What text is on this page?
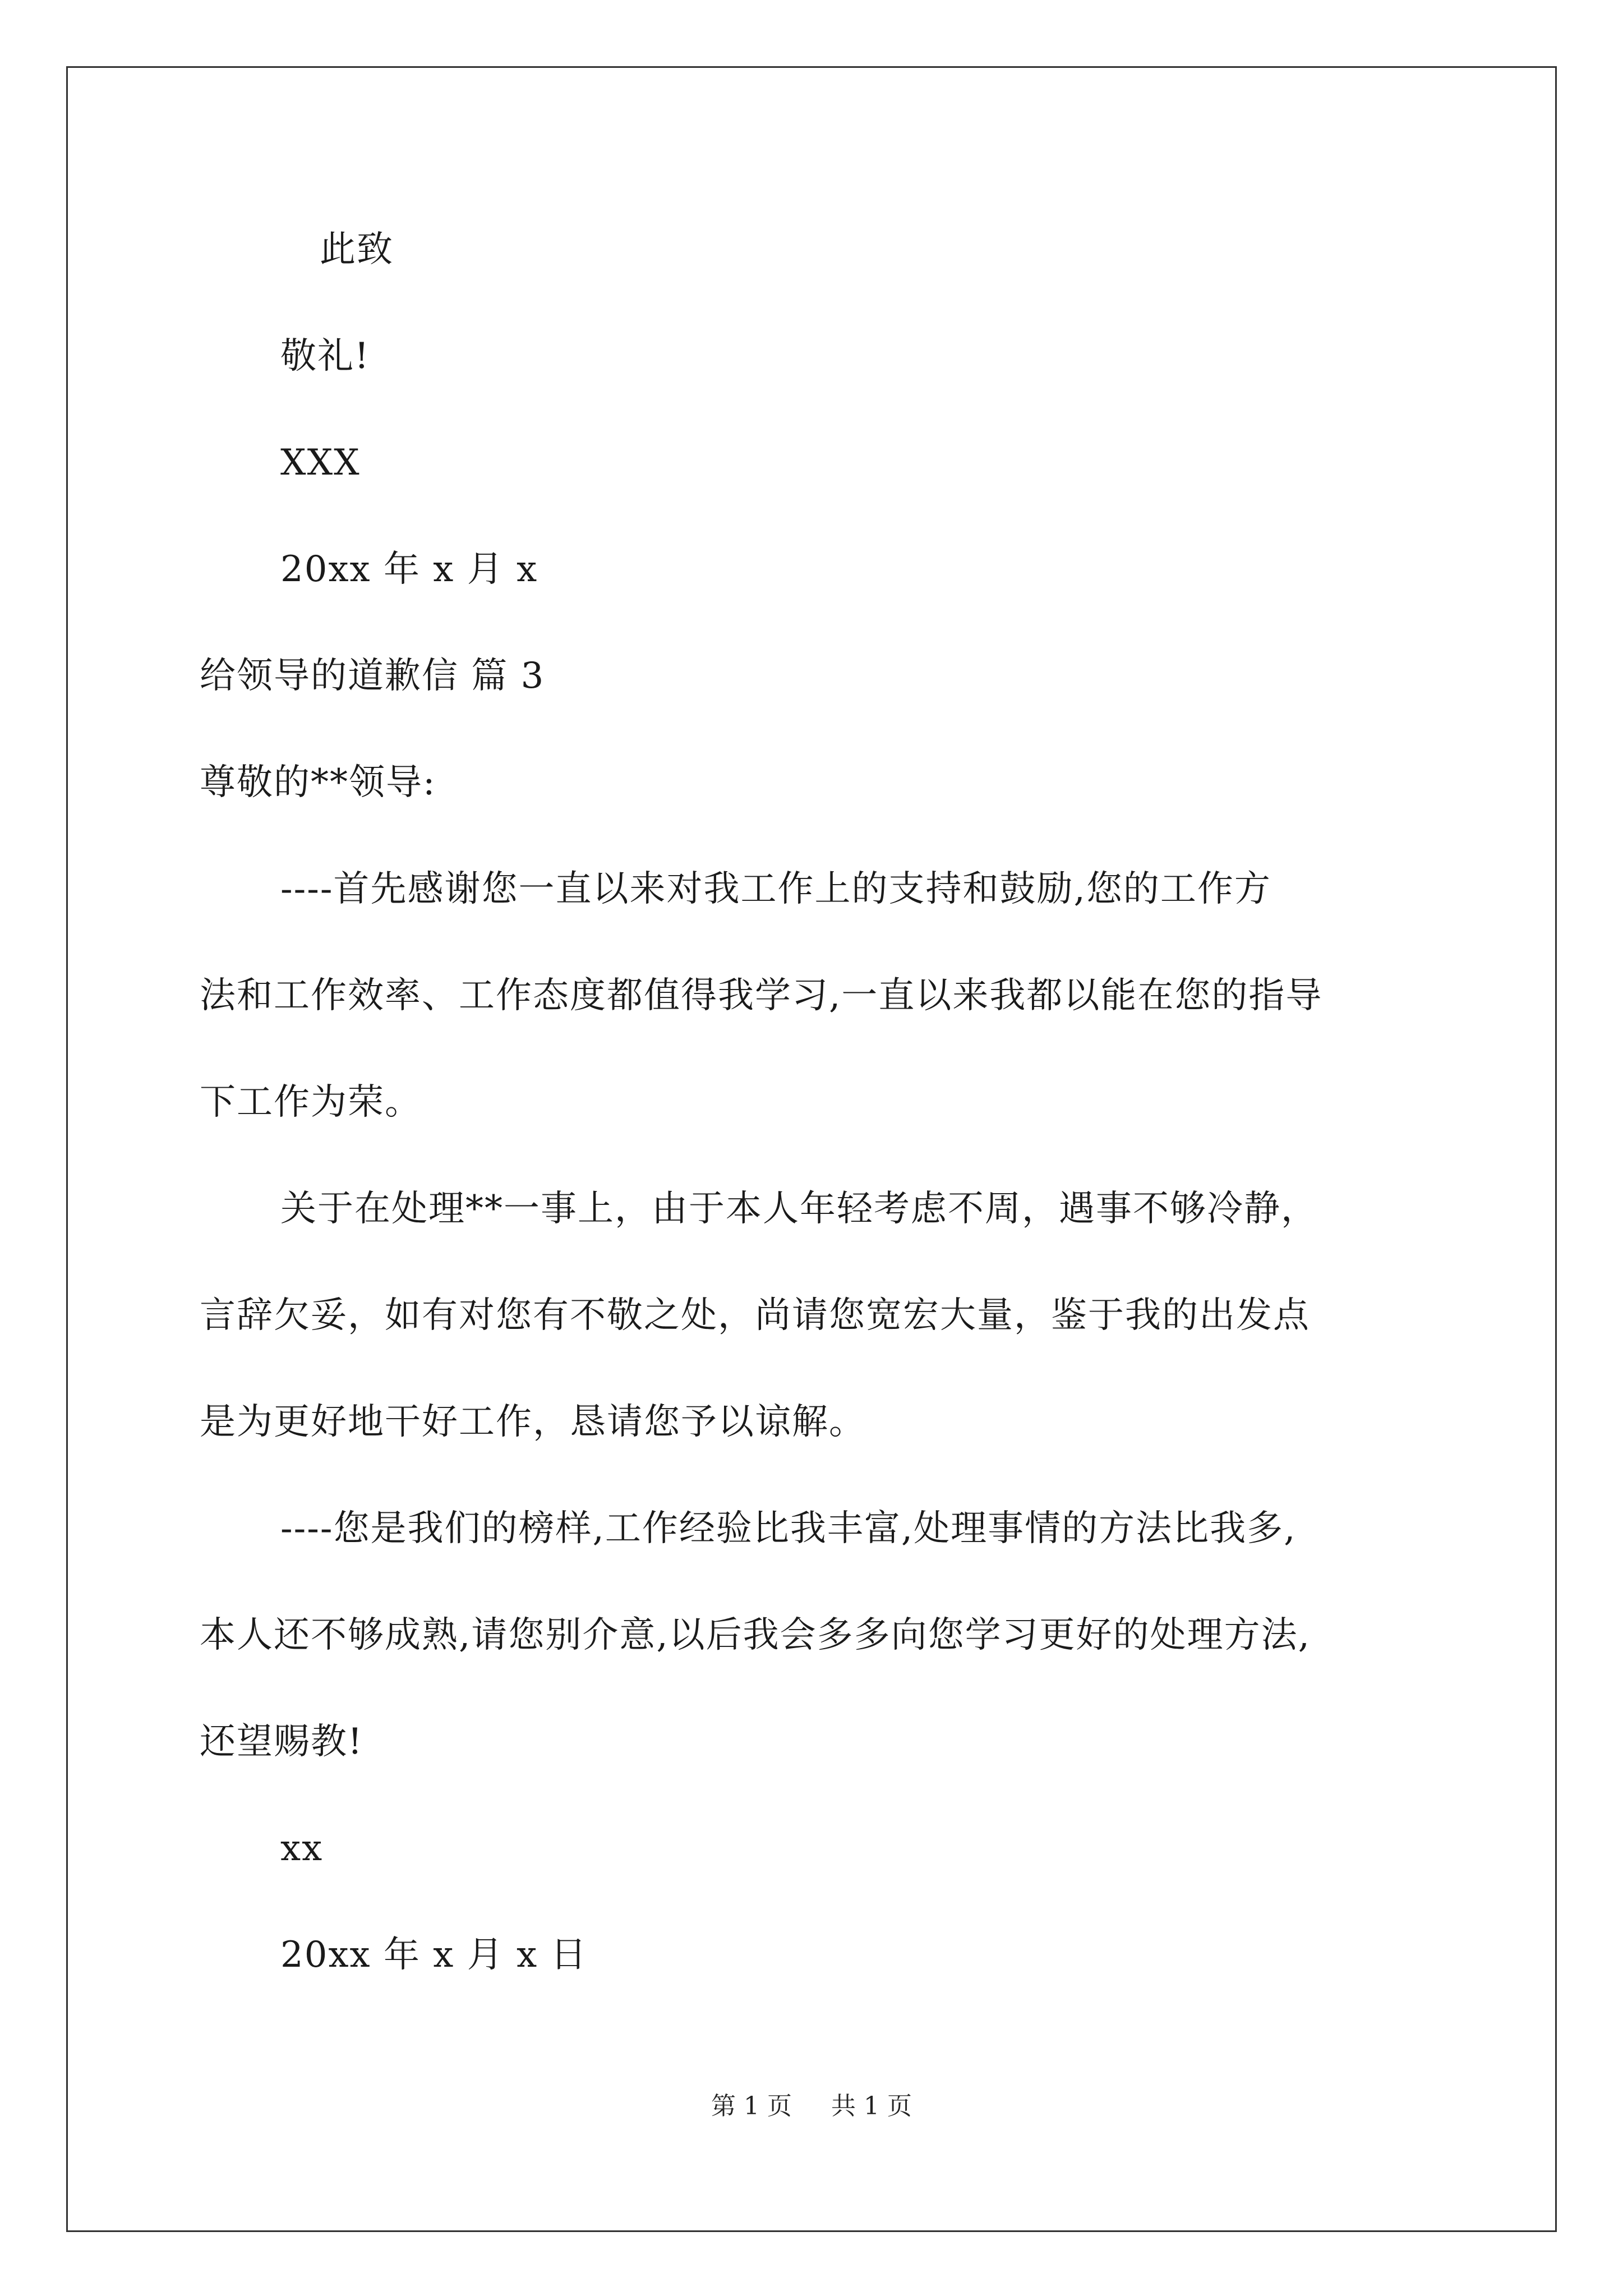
此致
敬礼!
XXX
20xx 年 x 月 x
给领导的道歉信 篇 3
尊敬的**领导:
----首先感谢您一直以来对我工作上的支持和鼓励,您的工作方
法和工作效率、工作态度都值得我学习,一直以来我都以能在您的指导
下工作为荣。
关于在处理**一事上，由于本人年轻考虑不周，遇事不够冷静，
言辞欠妥，如有对您有不敬之处，尚请您宽宏大量，鉴于我的出发点
是为更好地干好工作，恳请您予以谅解。
----您是我们的榜样,工作经验比我丰富,处理事情的方法比我多,
本人还不够成熟,请您别介意,以后我会多多向您学习更好的处理方法,
还望赐教!
xx
20xx 年 x 月 x 日
第 1 页 共 1 页
